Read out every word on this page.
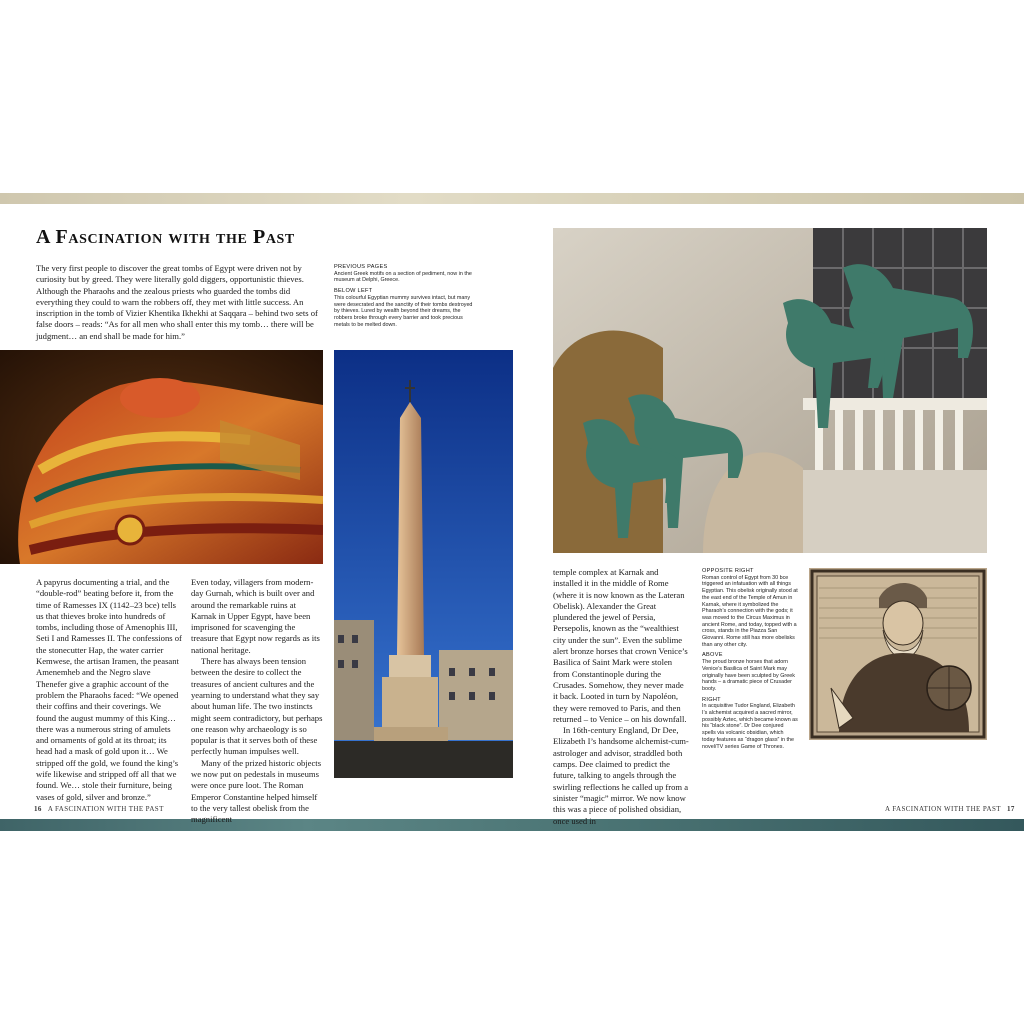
A Fascination with the Past

The very first people to discover the great tombs of Egypt were driven not by curiosity but by greed. They were literally gold diggers, opportunistic thieves. Although the Pharaohs and the zealous priests who guarded the tombs did everything they could to warn the robbers off, they met with little success. An inscription in the tomb of Vizier Khentika Ikhekhi at Saqqara – behind two sets of false doors – reads: “As for all men who shall enter this my tomb… there will be judgment… an end shall be made for him.”

PREVIOUS PAGES
Ancient Greek motifs on a section of pediment, now in the museum at Delphi, Greece.
BELOW LEFT
This colourful Egyptian mummy survives intact, but many were desecrated and the sanctity of their tombs destroyed by thieves. Lured by wealth beyond their dreams, the robbers broke through every barrier and took precious metals to be melted down.

A papyrus documenting a trial, and the “double-rod” beating before it, from the time of Ramesses IX (1142–23 bce) tells us that thieves broke into hundreds of tombs, including those of Amenophis III, Seti I and Ramesses II. The confessions of the stonecutter Hap, the water carrier Kemwese, the artisan Iramen, the peasant Amenemheb and the Negro slave Thenefer give a graphic account of the problem the Pharaohs faced: “We opened their coffins and their coverings. We found the august mummy of this King… there was a numerous string of amulets and ornaments of gold at its throat; its head had a mask of gold upon it… We stripped off the gold, we found the king’s wife likewise and stripped off all that we found. We… stole their furniture, being vases of gold, silver and bronze.”

Even today, villagers from modern-day Gurnah, which is built over and around the remarkable ruins at Karnak in Upper Egypt, have been imprisoned for scavenging the treasure that Egypt now regards as its national heritage.

There has always been tension between the desire to collect the treasures of ancient cultures and the yearning to understand what they say about human life. The two instincts might seem contradictory, but perhaps one reason why archaeology is so popular is that it serves both of these perfectly human impulses well.

Many of the prized historic objects we now put on pedestals in museums were once pure loot. The Roman Emperor Constantine helped himself to the very tallest obelisk from the magnificent

temple complex at Karnak and installed it in the middle of Rome (where it is now known as the Lateran Obelisk). Alexander the Great plundered the jewel of Persia, Persepolis, known as the “wealthiest city under the sun”. Even the sublime alert bronze horses that crown Venice’s Basilica of Saint Mark were stolen from Constantinople during the Crusades. Somehow, they never made it back. Looted in turn by Napoléon, they were removed to Paris, and then returned – to Venice – on his downfall.

In 16th-century England, Dr Dee, Elizabeth I’s handsome alchemist-cum-astrologer and advisor, straddled both camps. Dee claimed to predict the future, talking to angels through the swirling reflections he called up from a sinister “magic” mirror. We now know this was a piece of polished obsidian, once used in

OPPOSITE RIGHT
Roman control of Egypt from 30 bce triggered an infatuation with all things Egyptian. This obelisk originally stood at the east end of the Temple of Amun in Karnak, where it symbolized the Pharaoh’s connection with the gods; it was moved to the Circus Maximus in ancient Rome, and today, topped with a cross, stands in the Piazza San Giovanni. Rome still has more obelisks than any other city.
ABOVE
The proud bronze horses that adorn Venice’s Basilica of Saint Mark may originally have been sculpted by Greek hands – a dramatic piece of Crusader booty.
RIGHT
In acquisitive Tudor England, Elizabeth I’s alchemist acquired a sacred mirror, possibly Aztec, which became known as his “black stone”. Dr Dee conjured spells via volcanic obsidian, which today features as “dragon glass” in the novel/TV series Game of Thrones.
16 A FASCINATION WITH THE PAST	A FASCINATION WITH THE PAST 17
